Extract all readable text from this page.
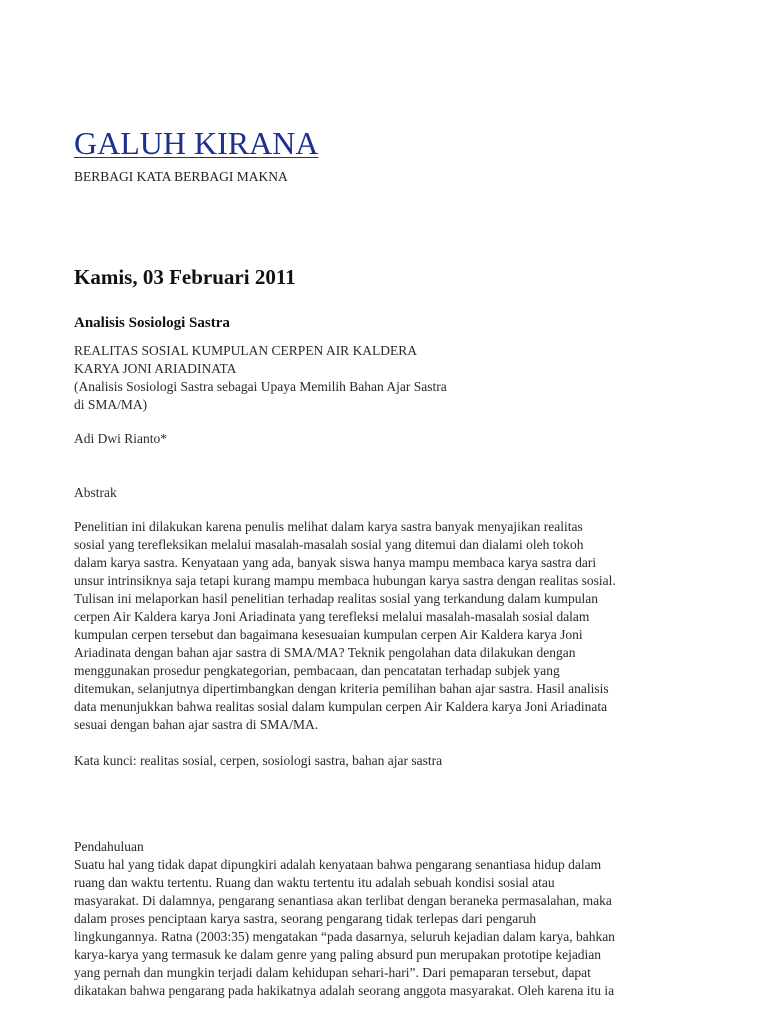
GALUH KIRANA
BERBAGI KATA BERBAGI MAKNA
Kamis, 03 Februari 2011
Analisis Sosiologi Sastra
REALITAS SOSIAL KUMPULAN CERPEN AIR KALDERA
KARYA JONI ARIADINATA
(Analisis Sosiologi Sastra sebagai Upaya Memilih Bahan Ajar Sastra
di SMA/MA)
Adi Dwi Rianto*
Abstrak
Penelitian ini dilakukan karena penulis melihat dalam karya sastra banyak menyajikan realitas
sosial yang terefleksikan melalui masalah-masalah sosial yang ditemui dan dialami oleh tokoh
dalam karya sastra. Kenyataan yang ada, banyak siswa hanya mampu membaca karya sastra dari
unsur intrinsiknya saja tetapi kurang mampu membaca hubungan karya sastra dengan realitas sosial.
Tulisan ini melaporkan hasil penelitian terhadap realitas sosial yang terkandung dalam kumpulan
cerpen Air Kaldera karya Joni Ariadinata yang terefleksi melalui masalah-masalah sosial dalam
kumpulan cerpen tersebut dan bagaimana kesesuaian kumpulan cerpen Air Kaldera karya Joni
Ariadinata dengan bahan ajar sastra di SMA/MA? Teknik pengolahan data dilakukan dengan
menggunakan prosedur pengkategorian, pembacaan, dan pencatatan terhadap subjek yang
ditemukan, selanjutnya dipertimbangkan dengan kriteria pemilihan bahan ajar sastra. Hasil analisis
data menunjukkan bahwa realitas sosial dalam kumpulan cerpen Air Kaldera karya Joni Ariadinata
sesuai dengan bahan ajar sastra di SMA/MA.
Kata kunci: realitas sosial, cerpen, sosiologi sastra, bahan ajar sastra
Pendahuluan
Suatu hal yang tidak dapat dipungkiri adalah kenyataan bahwa pengarang senantiasa hidup dalam
ruang dan waktu tertentu. Ruang dan waktu tertentu itu adalah sebuah kondisi sosial atau
masyarakat. Di dalamnya, pengarang senantiasa akan terlibat dengan beraneka permasalahan, maka
dalam proses penciptaan karya sastra, seorang pengarang tidak terlepas dari pengaruh
lingkungannya. Ratna (2003:35) mengatakan “pada dasarnya, seluruh kejadian dalam karya, bahkan
karya-karya yang termasuk ke dalam genre yang paling absurd pun merupakan prototipe kejadian
yang pernah dan mungkin terjadi dalam kehidupan sehari-hari”. Dari pemaparan tersebut, dapat
dikatakan bahwa pengarang pada hakikatnya adalah seorang anggota masyarakat. Oleh karena itu ia
